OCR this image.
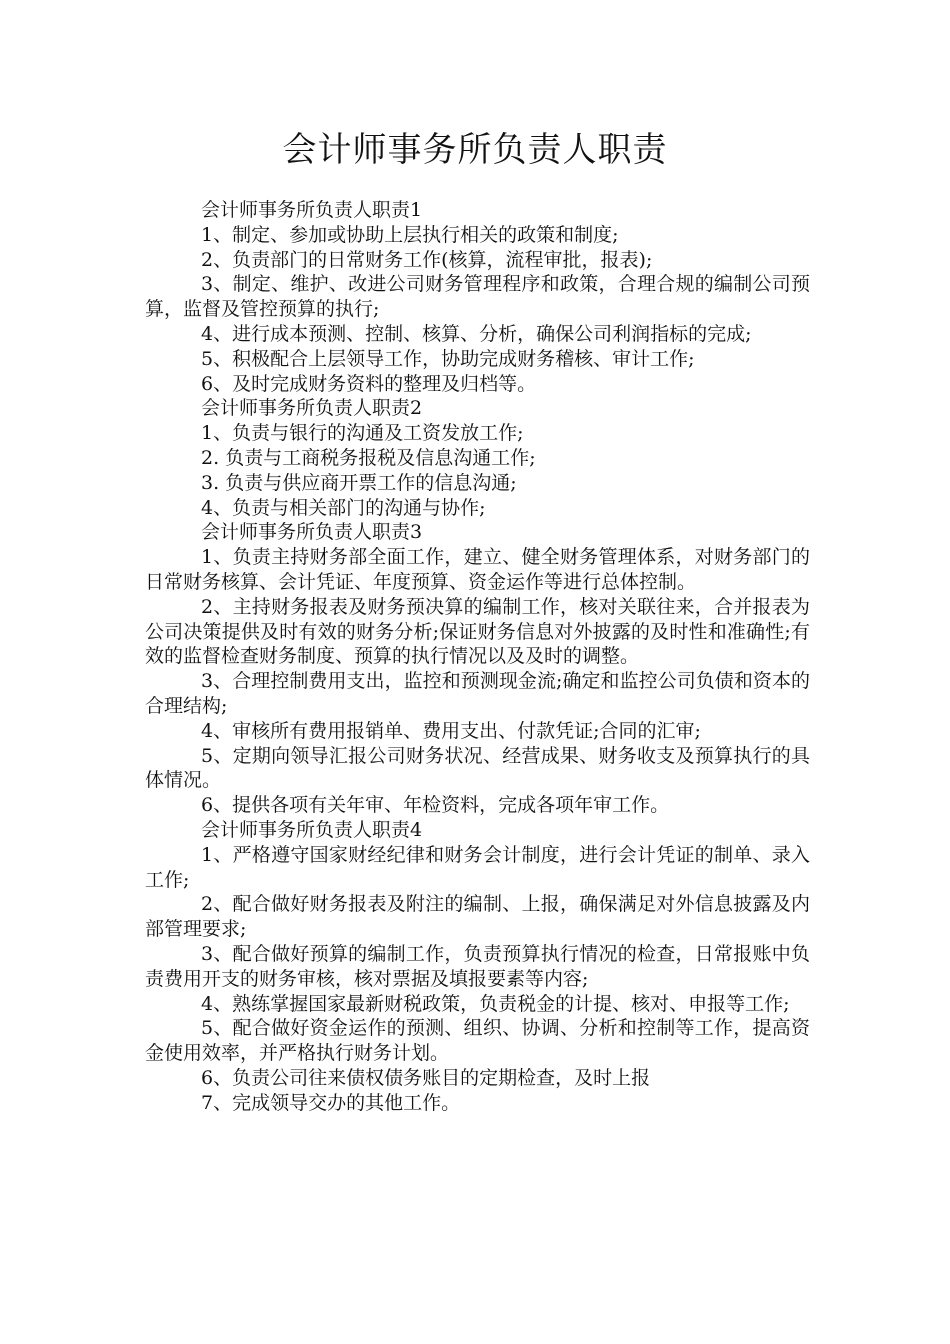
会计师事务所负责人职责

会计师事务所负责人职责1

1、制定、参加或协助上层执行相关的政策和制度;

2、负责部门的日常财务工作(核算，流程审批，报表);

3、制定、维护、改进公司财务管理程序和政策，合理合规的编制公司预算，监督及管控预算的执行;

4、进行成本预测、控制、核算、分析，确保公司利润指标的完成;

5、积极配合上层领导工作，协助完成财务稽核、审计工作;

6、及时完成财务资料的整理及归档等。

会计师事务所负责人职责2

1、负责与银行的沟通及工资发放工作;

2. 负责与工商税务报税及信息沟通工作;

3. 负责与供应商开票工作的信息沟通;

4、负责与相关部门的沟通与协作;

会计师事务所负责人职责3

1、负责主持财务部全面工作，建立、健全财务管理体系，对财务部门的日常财务核算、会计凭证、年度预算、资金运作等进行总体控制。

2、主持财务报表及财务预决算的编制工作，核对关联往来，合并报表为公司决策提供及时有效的财务分析;保证财务信息对外披露的及时性和准确性;有效的监督检查财务制度、预算的执行情况以及及时的调整。

3、合理控制费用支出，监控和预测现金流;确定和监控公司负债和资本的合理结构;

4、审核所有费用报销单、费用支出、付款凭证;合同的汇审;

5、定期向领导汇报公司财务状况、经营成果、财务收支及预算执行的具体情况。

6、提供各项有关年审、年检资料，完成各项年审工作。

会计师事务所负责人职责4

1、严格遵守国家财经纪律和财务会计制度，进行会计凭证的制单、录入工作;

2、配合做好财务报表及附注的编制、上报，确保满足对外信息披露及内部管理要求;

3、配合做好预算的编制工作，负责预算执行情况的检查，日常报账中负责费用开支的财务审核，核对票据及填报要素等内容;

4、熟练掌握国家最新财税政策，负责税金的计提、核对、申报等工作;

5、配合做好资金运作的预测、组织、协调、分析和控制等工作，提高资金使用效率，并严格执行财务计划。

6、负责公司往来债权债务账目的定期检查，及时上报

7、完成领导交办的其他工作。
